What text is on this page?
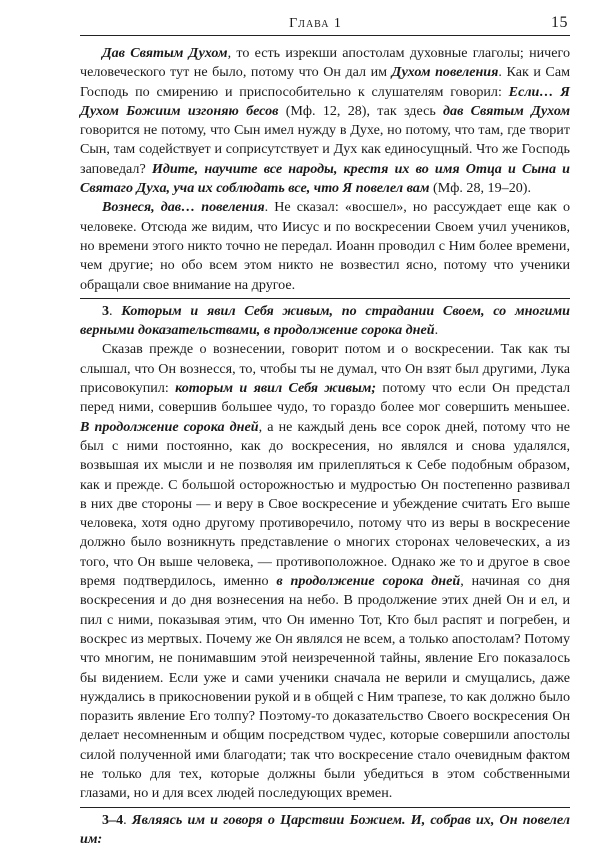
Глава 1	15

Дав Святым Духом, то есть изрекши апостолам духовные глаголы; ничего человеческого тут не было, потому что Он дал им Духом повеления. Как и Сам Господь по смирению и приспособительно к слушателям говорил: Если… Я Духом Божиим изгоняю бесов (Мф. 12, 28), так здесь дав Святым Духом говорится не потому, что Сын имел нужду в Духе, но потому, что там, где творит Сын, там содействует и соприсутствует и Дух как единосущный. Что же Господь заповедал? Идите, научите все народы, крестя их во имя Отца и Сына и Святаго Духа, уча их соблюдать все, что Я повелел вам (Мф. 28, 19–20).

Вознеся, дав… повеления. Не сказал: «восшел», но рассуждает еще как о человеке. Отсюда же видим, что Иисус и по воскресении Своем учил учеников, но времени этого никто точно не передал. Иоанн проводил с Ним более времени, чем другие; но обо всем этом никто не возвестил ясно, потому что ученики обращали свое внимание на другое.

3. Которым и явил Себя живым, по страдании Своем, со многими верными доказательствами, в продолжение сорока дней.

Сказав прежде о вознесении, говорит потом и о воскресении. Так как ты слышал, что Он вознесся, то, чтобы ты не думал, что Он взят был другими, Лука присовокупил: которым и явил Себя живым; потому что если Он предстал перед ними, совершив большее чудо, то гораздо более мог совершить меньшее. В продолжение сорока дней, а не каждый день все сорок дней, потому что не был с ними постоянно, как до воскресения, но являлся и снова удалялся, возвышая их мысли и не позволяя им прилепляться к Себе подобным образом, как и прежде. С большой осторожностью и мудростью Он постепенно развивал в них две стороны — и веру в Свое воскресение и убеждение считать Его выше человека, хотя одно другому противоречило, потому что из веры в воскресение должно было возникнуть представление о многих сторонах человеческих, а из того, что Он выше человека, — противоположное. Однако же то и другое в свое время подтвердилось, именно в продолжение сорока дней, начиная со дня воскресения и до дня вознесения на небо. В продолжение этих дней Он и ел, и пил с ними, показывая этим, что Он именно Тот, Кто был распят и погребен, и воскрес из мертвых. Почему же Он являлся не всем, а только апостолам? Потому что многим, не понимавшим этой неизреченной тайны, явление Его показалось бы видением. Если уже и сами ученики сначала не верили и смущались, даже нуждались в прикосновении рукой и в общей с Ним трапезе, то как должно было поразить явление Его толпу? Поэтому-то доказательство Своего воскресения Он делает несомненным и общим посредством чудес, которые совершили апостолы силой полученной ими благодати; так что воскресение стало очевидным фактом не только для тех, которые должны были убедиться в этом собственными глазами, но и для всех людей последующих времен.

3–4. Являясь им и говоря о Царствии Божием. И, собрав их, Он повелел им:
